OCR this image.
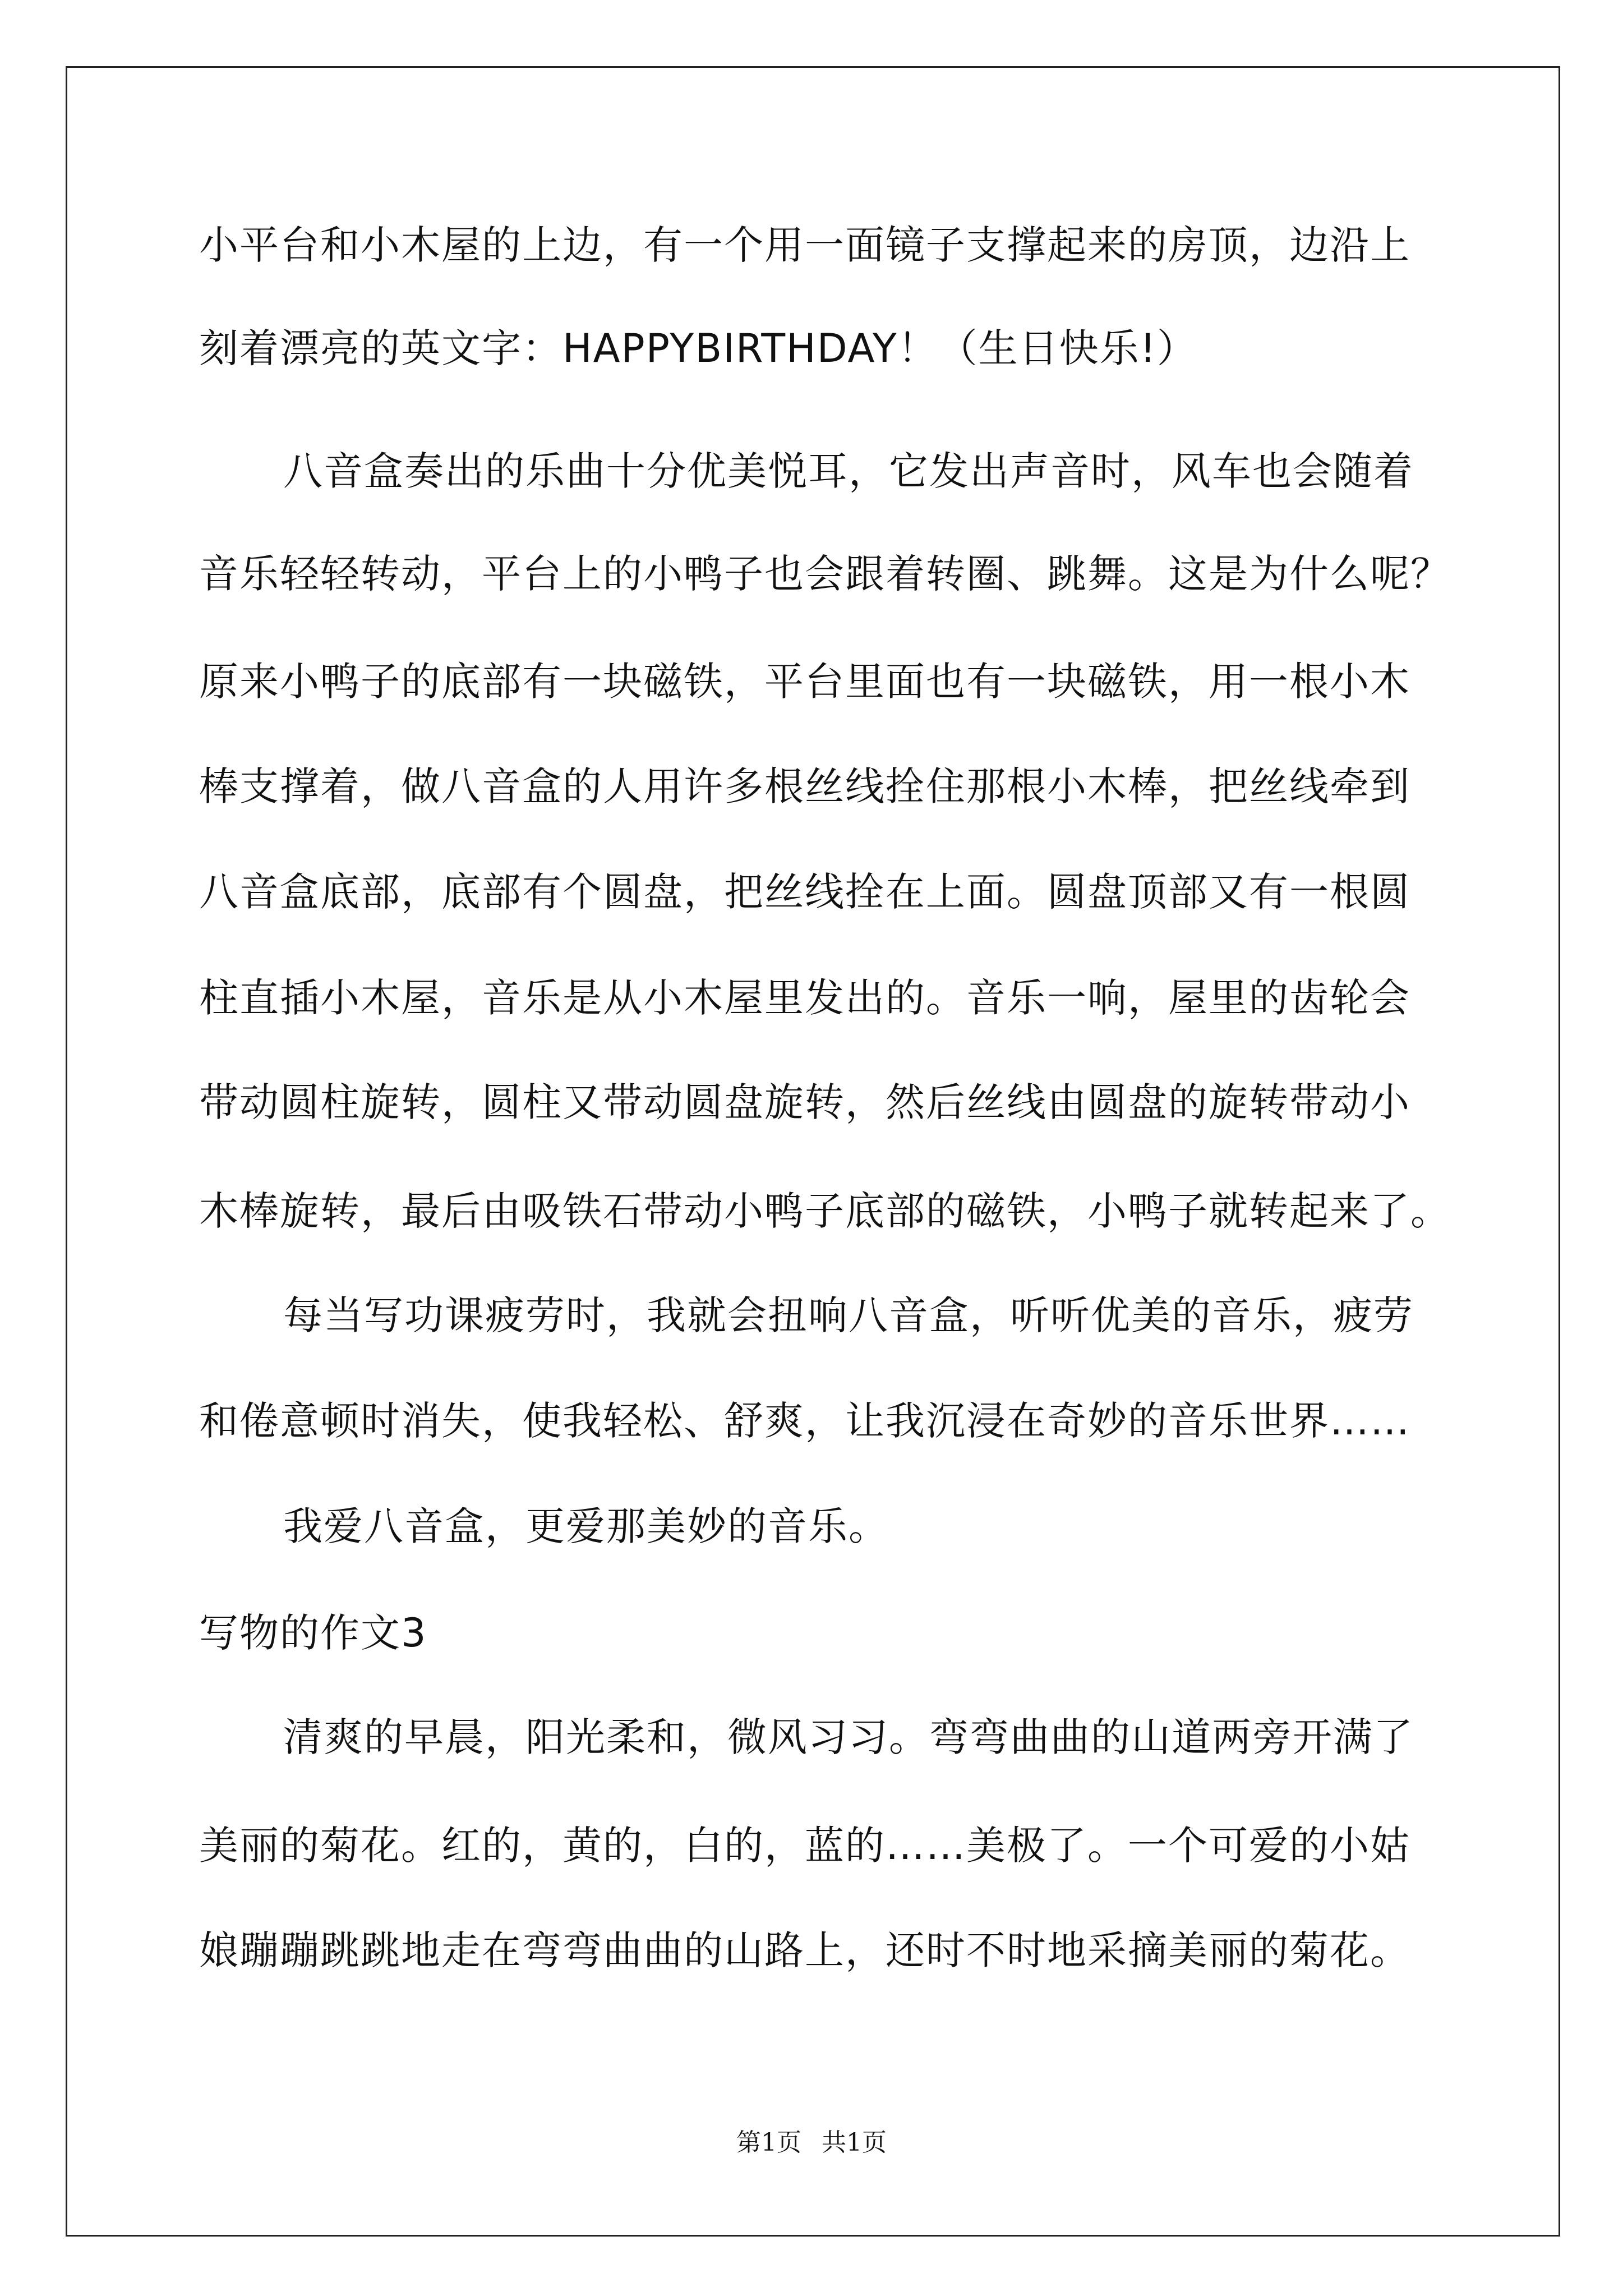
小平台和小木屋的上边，有一个用一面镜子支撑起来的房顶，边沿上
刻着漂亮的英文字：HAPPYBIRTHDAY！（生日快乐!）
八音盒奏出的乐曲十分优美悦耳，它发出声音时，风车也会随着
音乐轻轻转动，平台上的小鸭子也会跟着转圈、跳舞。这是为什么呢？
原来小鸭子的底部有一块磁铁，平台里面也有一块磁铁，用一根小木
棒支撑着，做八音盒的人用许多根丝线拴住那根小木棒，把丝线牵到
八音盒底部，底部有个圆盘，把丝线拴在上面。圆盘顶部又有一根圆
柱直插小木屋，音乐是从小木屋里发出的。音乐一响，屋里的齿轮会
带动圆柱旋转，圆柱又带动圆盘旋转，然后丝线由圆盘的旋转带动小
木棒旋转，最后由吸铁石带动小鸭子底部的磁铁，小鸭子就转起来了。
每当写功课疲劳时，我就会扭响八音盒，听听优美的音乐，疲劳
和倦意顿时消失，使我轻松、舒爽，让我沉浸在奇妙的音乐世界……
我爱八音盒，更爱那美妙的音乐。
写物的作文3
清爽的早晨，阳光柔和，微风习习。弯弯曲曲的山道两旁开满了
美丽的菊花。红的，黄的，白的，蓝的……美极了。一个可爱的小姑
娘蹦蹦跳跳地走在弯弯曲曲的山路上，还时不时地采摘美丽的菊花。
第1页 共1页
